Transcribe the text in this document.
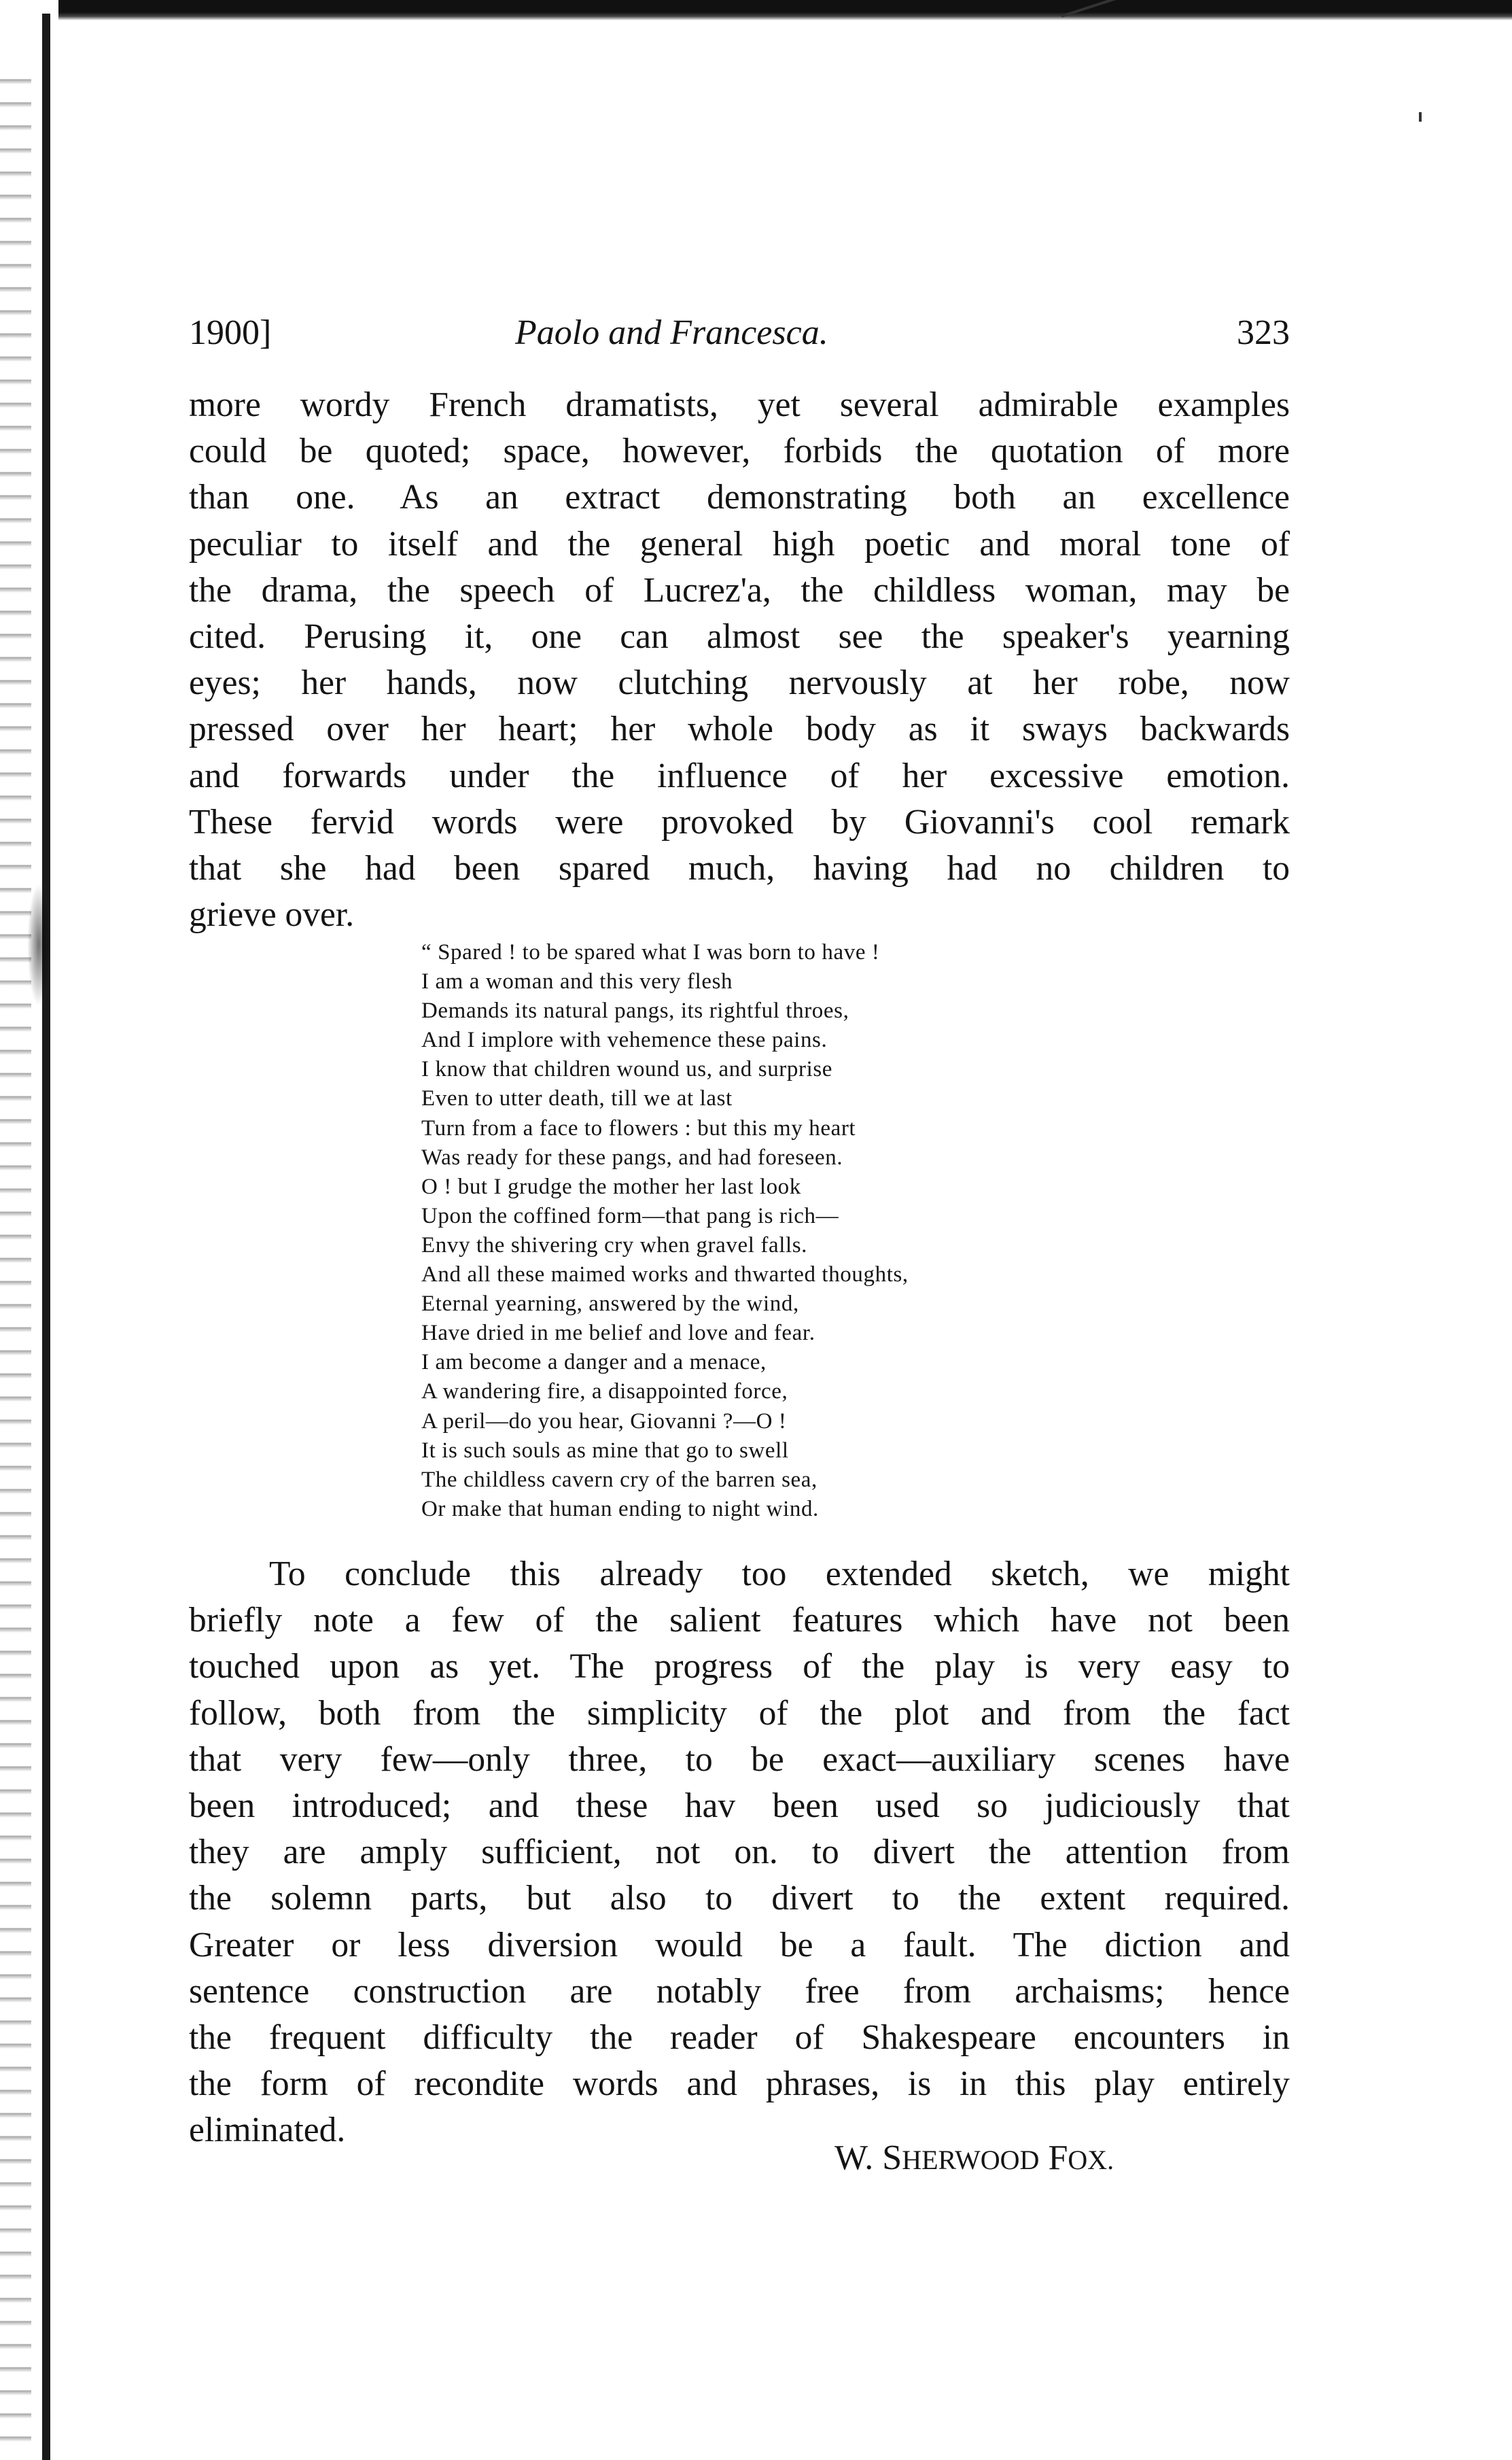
1900]	Paolo and Francesca.	323
more wordy French dramatists, yet several admirable examples
could be quoted; space, however, forbids the quotation of more
than one. As an extract demonstrating both an excellence
peculiar to itself and the general high poetic and moral tone of
the drama, the speech of Lucrez'a, the childless woman, may be
cited. Perusing it, one can almost see the speaker's yearning
eyes; her hands, now clutching nervously at her robe, now
pressed over her heart; her whole body as it sways backwards
and forwards under the influence of her excessive emotion.
These fervid words were provoked by Giovanni's cool remark
that she had been spared much, having had no children to
grieve over.
“ Spared ! to be spared what I was born to have !
I am a woman and this very flesh
Demands its natural pangs, its rightful throes,
And I implore with vehemence these pains.
I know that children wound us, and surprise
Even to utter death, till we at last
Turn from a face to flowers : but this my heart
Was ready for these pangs, and had foreseen.
O ! but I grudge the mother her last look
Upon the coffined form—that pang is rich—
Envy the shivering cry when gravel falls.
And all these maimed works and thwarted thoughts,
Eternal yearning, answered by the wind,
Have dried in me belief and love and fear.
I am become a danger and a menace,
A wandering fire, a disappointed force,
A peril—do you hear, Giovanni ?—O !
It is such souls as mine that go to swell
The childless cavern cry of the barren sea,
Or make that human ending to night wind.
To conclude this already too extended sketch, we might
briefly note a few of the salient features which have not been
touched upon as yet. The progress of the play is very easy to
follow, both from the simplicity of the plot and from the fact
that very few—only three, to be exact—auxiliary scenes have
been introduced; and these hav been used so judiciously that
they are amply sufficient, not on. to divert the attention from
the solemn parts, but also to divert to the extent required.
Greater or less diversion would be a fault. The diction and
sentence construction are notably free from archaisms; hence
the frequent difficulty the reader of Shakespeare encounters in
the form of recondite words and phrases, is in this play entirely
eliminated.
W. SHERWOOD FOX.
